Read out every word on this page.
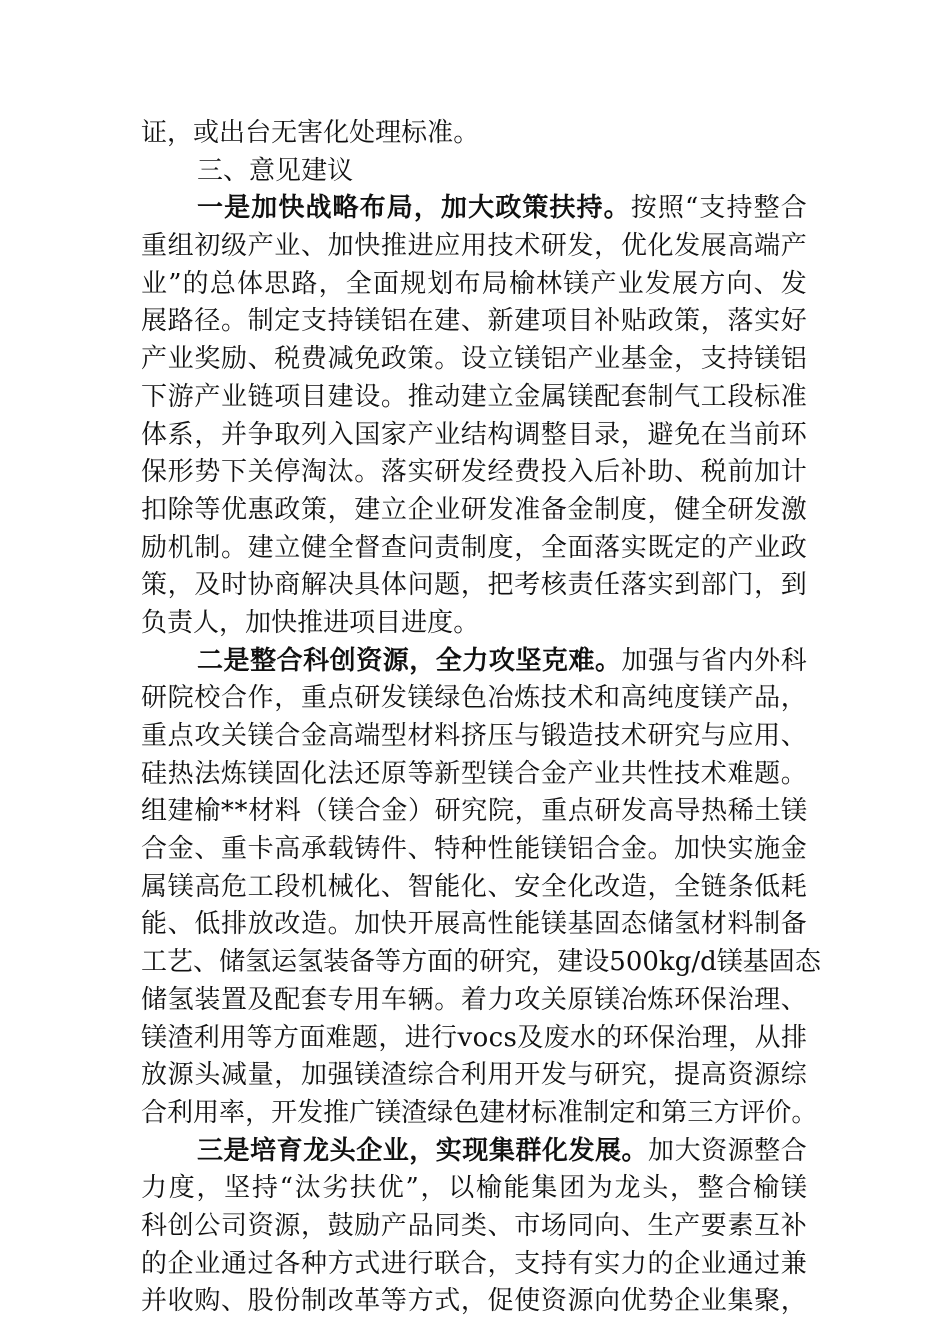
证 ， 或 出 台 无 害 化 处 理 标 准 。
三 、 意 见 建 议
一 是 加 快 战 略 布 局 ， 加 大 政 策 扶 持 。 按 照 “ 支 持 整 合
重 组 初 级 产 业 、 加 快 推 进 应 用 技 术 研 发 ， 优 化 发 展 高 端 产
业 ” 的 总 体 思 路 ， 全 面 规 划 布 局 榆 林 镁 产 业 发 展 方 向 、 发
展 路 径 。 制 定 支 持 镁 铝 在 建 、 新 建 项 目 补 贴 政 策 ， 落 实 好
产 业 奖 励 、 税 费 减 免 政 策 。 设 立 镁 铝 产 业 基 金 ， 支 持 镁 铝
下 游 产 业 链 项 目 建 设 。 推 动 建 立 金 属 镁 配 套 制 气 工 段 标 准
体 系 ， 并 争 取 列 入 国 家 产 业 结 构 调 整 目 录 ， 避 免 在 当 前 环
保 形 势 下 关 停 淘 汰 。 落 实 研 发 经 费 投 入 后 补 助 、 税 前 加 计
扣 除 等 优 惠 政 策 ， 建 立 企 业 研 发 准 备 金 制 度 ， 健 全 研 发 激
励 机 制 。 建 立 健 全 督 查 问 责 制 度 ， 全 面 落 实 既 定 的 产 业 政
策 ， 及 时 协 商 解 决 具 体 问 题 ， 把 考 核 责 任 落 实 到 部 门 ， 到
负 责 人 ， 加 快 推 进 项 目 进 度 。
二 是 整 合 科 创 资 源 ， 全 力 攻 坚 克 难 。 加 强 与 省 内 外 科
研 院 校 合 作 ， 重 点 研 发 镁 绿 色 冶 炼 技 术 和 高 纯 度 镁 产 品 ，
重 点 攻 关 镁 合 金 高 端 型 材 料 挤 压 与 锻 造 技 术 研 究 与 应 用 、
硅 热 法 炼 镁 固 化 法 还 原 等 新 型 镁 合 金 产 业 共 性 技 术 难 题 。
组 建 榆 * * 材 料 （ 镁 合 金 ） 研 究 院 ， 重 点 研 发 高 导 热 稀 土 镁
合 金 、 重 卡 高 承 载 铸 件 、 特 种 性 能 镁 铝 合 金 。 加 快 实 施 金
属 镁 高 危 工 段 机 械 化 、 智 能 化 、 安 全 化 改 造 ， 全 链 条 低 耗
能 、 低 排 放 改 造 。 加 快 开 展 高 性 能 镁 基 固 态 储 氢 材 料 制 备
工 艺 、 储 氢 运 氢 装 备 等 方 面 的 研 究 ， 建 设 5 0 0 k g / d 镁 基 固 态
储 氢 装 置 及 配 套 专 用 车 辆 。 着 力 攻 关 原 镁 冶 炼 环 保 治 理 、
镁 渣 利 用 等 方 面 难 题 ， 进 行 v o c s 及 废 水 的 环 保 治 理 ， 从 排
放 源 头 减 量 ， 加 强 镁 渣 综 合 利 用 开 发 与 研 究 ， 提 高 资 源 综
合 利 用 率 ， 开 发 推 广 镁 渣 绿 色 建 材 标 准 制 定 和 第 三 方 评 价 。
三 是 培 育 龙 头 企 业 ， 实 现 集 群 化 发 展 。 加 大 资 源 整 合
力 度 ， 坚 持 “ 汰 劣 扶 优 ” ， 以 榆 能 集 团 为 龙 头 ， 整 合 榆 镁
科 创 公 司 资 源 ， 鼓 励 产 品 同 类 、 市 场 同 向 、 生 产 要 素 互 补
的 企 业 通 过 各 种 方 式 进 行 联 合 ， 支 持 有 实 力 的 企 业 通 过 兼
并 收 购 、 股 份 制 改 革 等 方 式 ， 促 使 资 源 向 优 势 企 业 集 聚 ，
